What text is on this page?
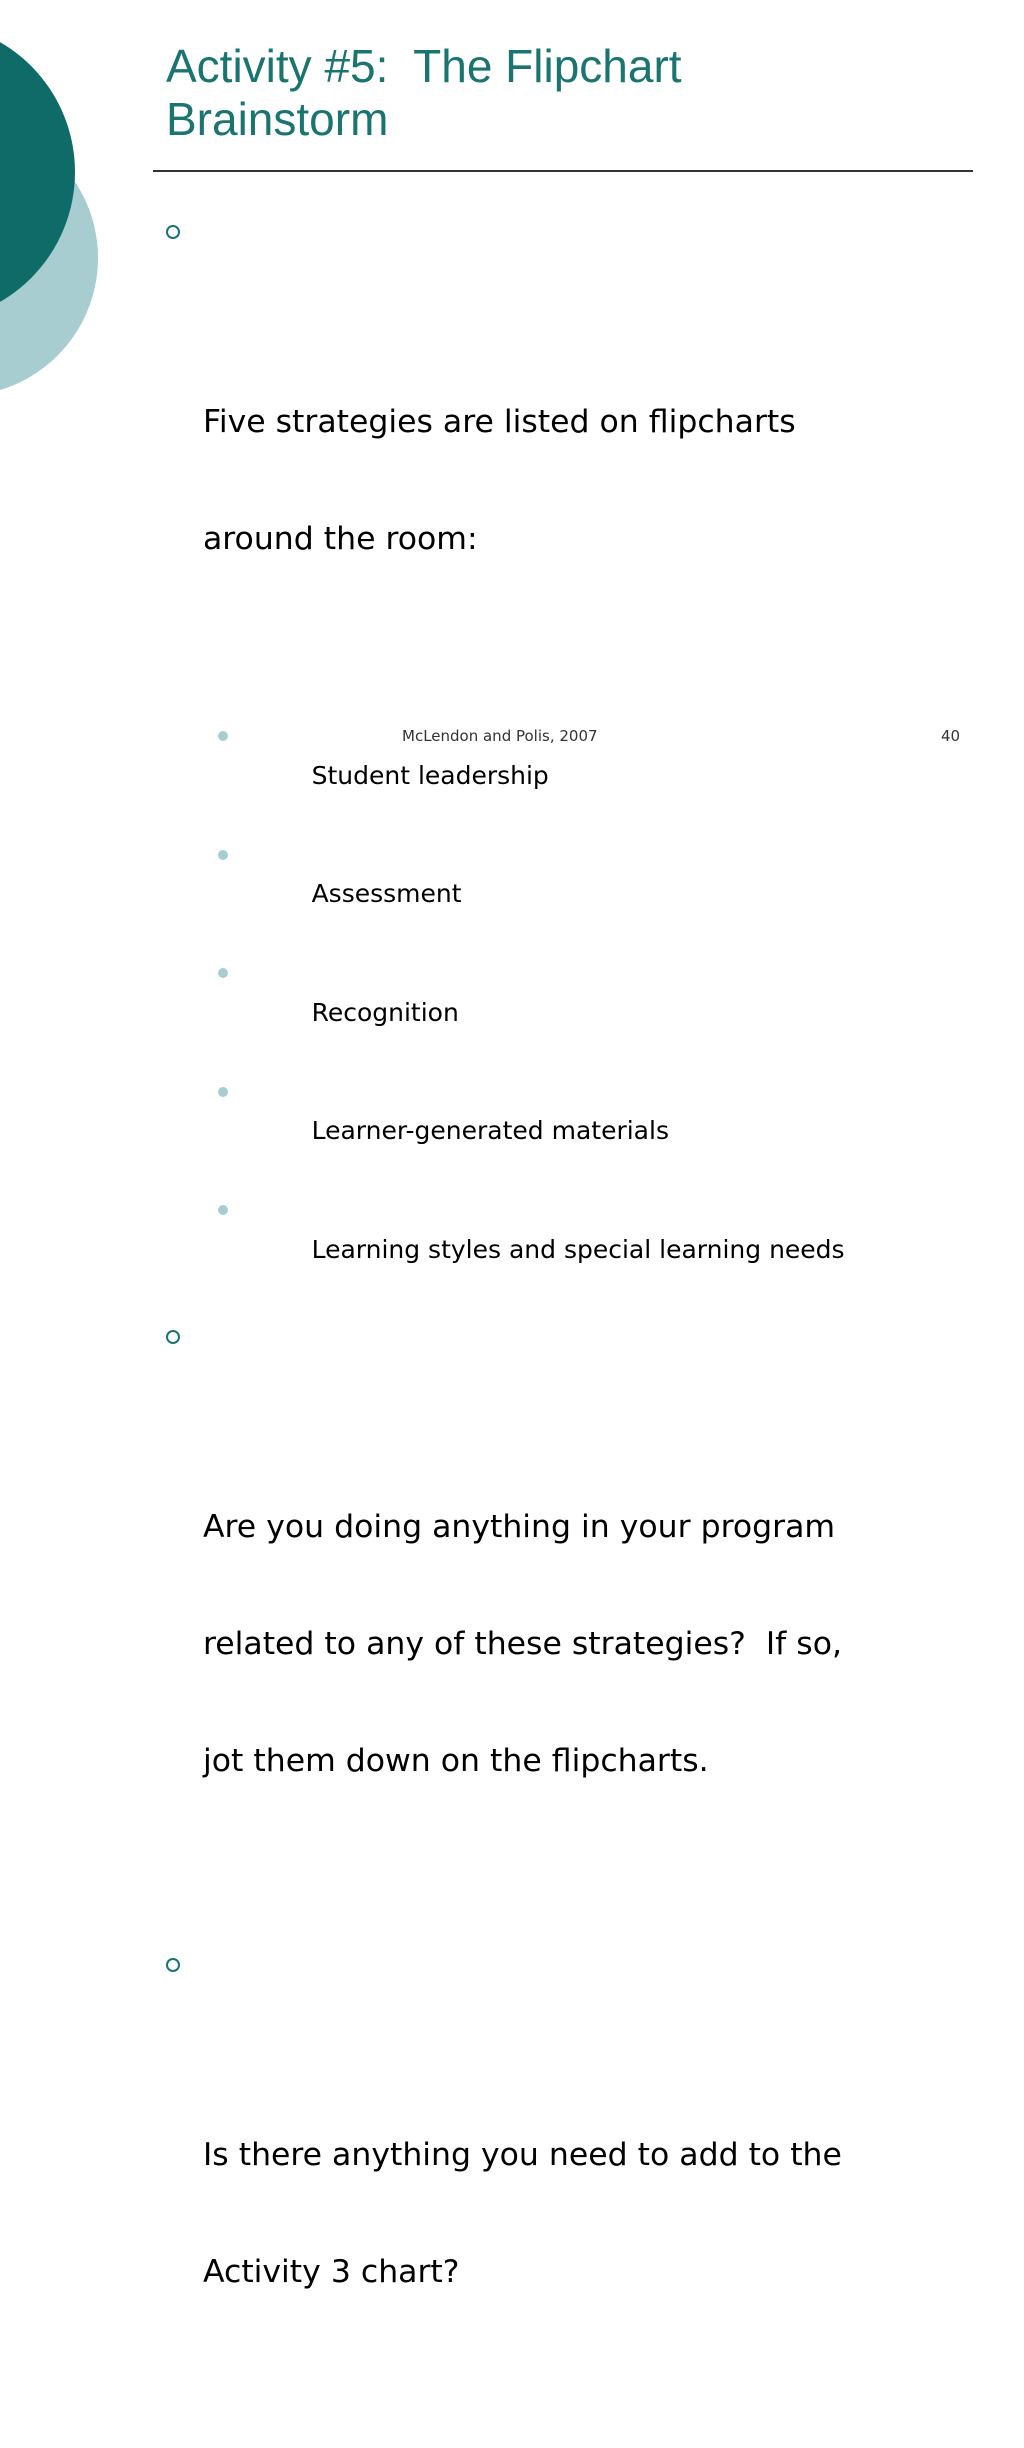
Activity #5:  The Flipchart
Brainstorm

Five strategies are listed on flipcharts

around the room:

Student leadership

Assessment

Recognition

Learner-generated materials

Learning styles and special learning needs

Are you doing anything in your program

related to any of these strategies?  If so,

jot them down on the flipcharts.

Is there anything you need to add to the

Activity 3 chart?

McLendon and Polis, 2007	40
